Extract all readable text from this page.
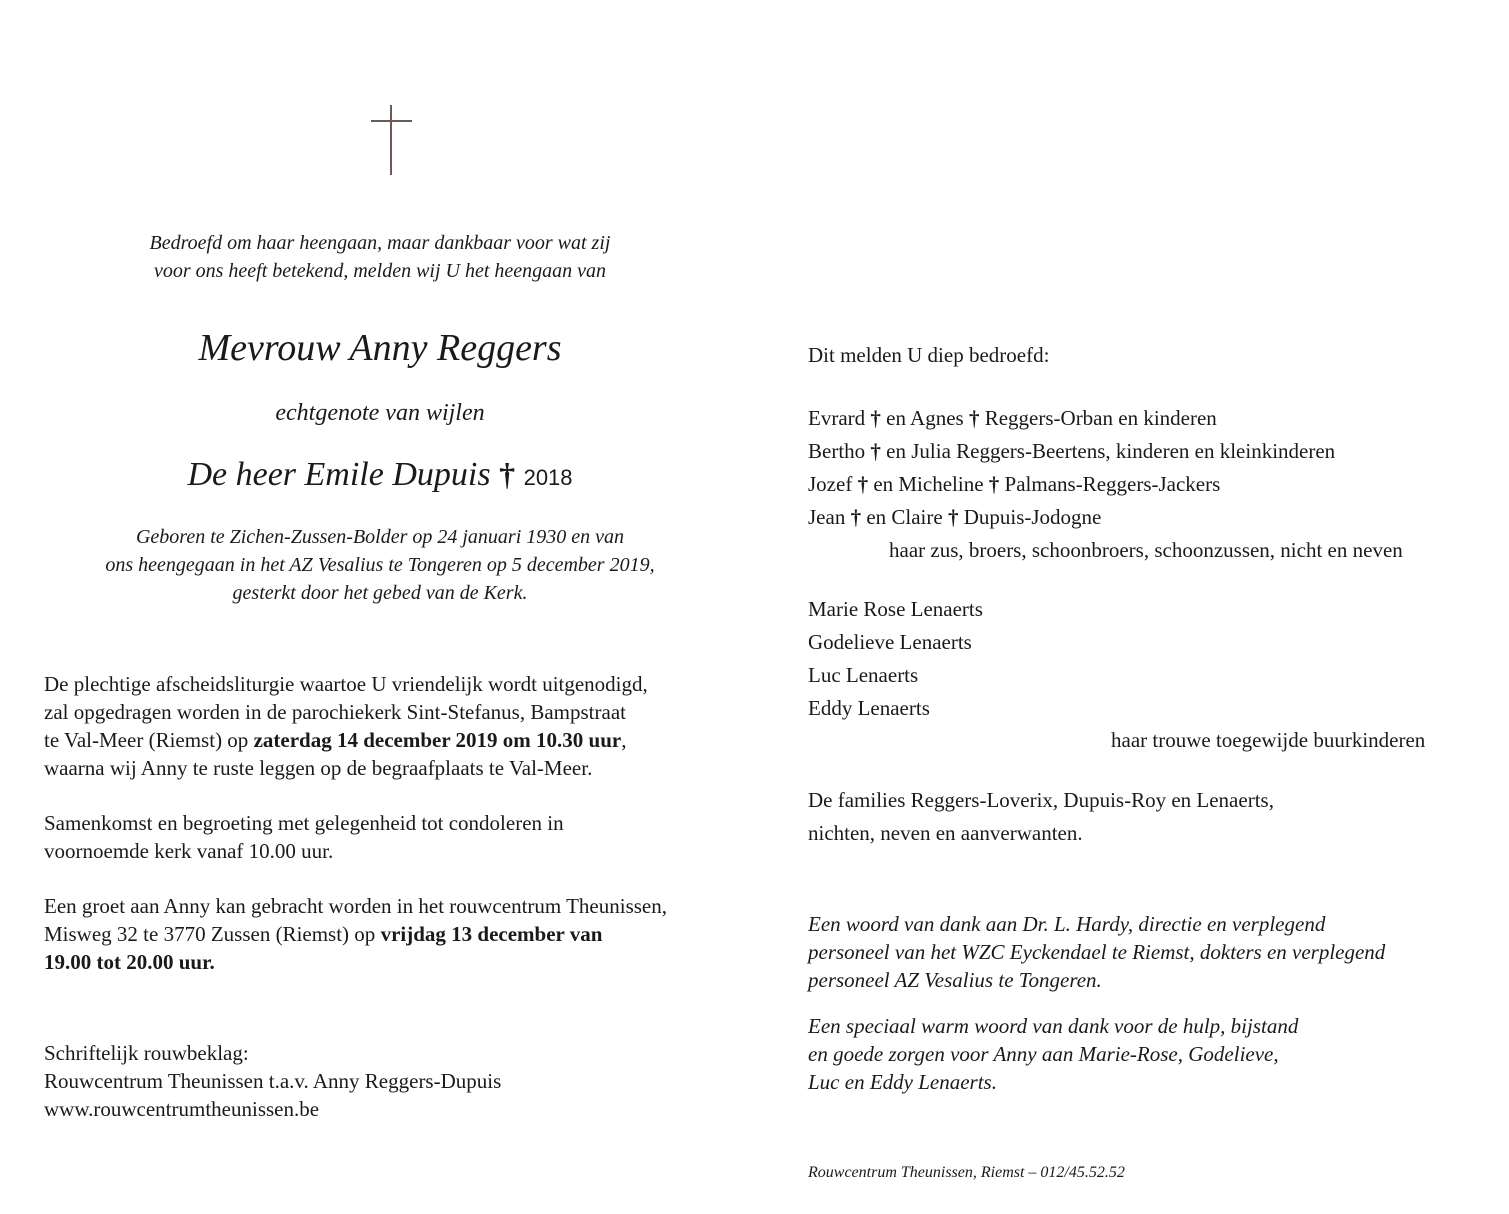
Bedroefd om haar heengaan, maar dankbaar voor wat zij
voor ons heeft betekend, melden wij U het heengaan van
Mevrouw Anny Reggers
echtgenote van wijlen
De heer Emile Dupuis † 2018
Geboren te Zichen-Zussen-Bolder op 24 januari 1930 en van
ons heengegaan in het AZ Vesalius te Tongeren op 5 december 2019,
gesterkt door het gebed van de Kerk.
De plechtige afscheidsliturgie waartoe U vriendelijk wordt uitgenodigd,
zal opgedragen worden in de parochiekerk Sint-Stefanus, Bampstraat
te Val-Meer (Riemst) op zaterdag 14 december 2019 om 10.30 uur,
waarna wij Anny te ruste leggen op de begraafplaats te Val-Meer.
Samenkomst en begroeting met gelegenheid tot condoleren in
voornoemde kerk vanaf 10.00 uur.
Een groet aan Anny kan gebracht worden in het rouwcentrum Theunissen,
Misweg 32 te 3770 Zussen (Riemst) op vrijdag 13 december van
19.00 tot 20.00 uur.
Schriftelijk rouwbeklag:
Rouwcentrum Theunissen t.a.v. Anny Reggers-Dupuis
www.rouwcentrumtheunissen.be
Dit melden U diep bedroefd:
Evrard † en Agnes † Reggers-Orban en kinderen
Bertho † en Julia Reggers-Beertens, kinderen en kleinkinderen
Jozef † en Micheline † Palmans-Reggers-Jackers
Jean † en Claire † Dupuis-Jodogne
haar zus, broers, schoonbroers, schoonzussen, nicht en neven
Marie Rose Lenaerts
Godelieve Lenaerts
Luc Lenaerts
Eddy Lenaerts
haar trouwe toegewijde buurkinderen
De families Reggers-Loverix, Dupuis-Roy en Lenaerts,
nichten, neven en aanverwanten.
Een woord van dank aan Dr. L. Hardy, directie en verplegend
personeel van het WZC Eyckendael te Riemst, dokters en verplegend
personeel AZ Vesalius te Tongeren.
Een speciaal warm woord van dank voor de hulp, bijstand
en goede zorgen voor Anny aan Marie-Rose, Godelieve,
Luc en Eddy Lenaerts.
Rouwcentrum Theunissen, Riemst – 012/45.52.52
